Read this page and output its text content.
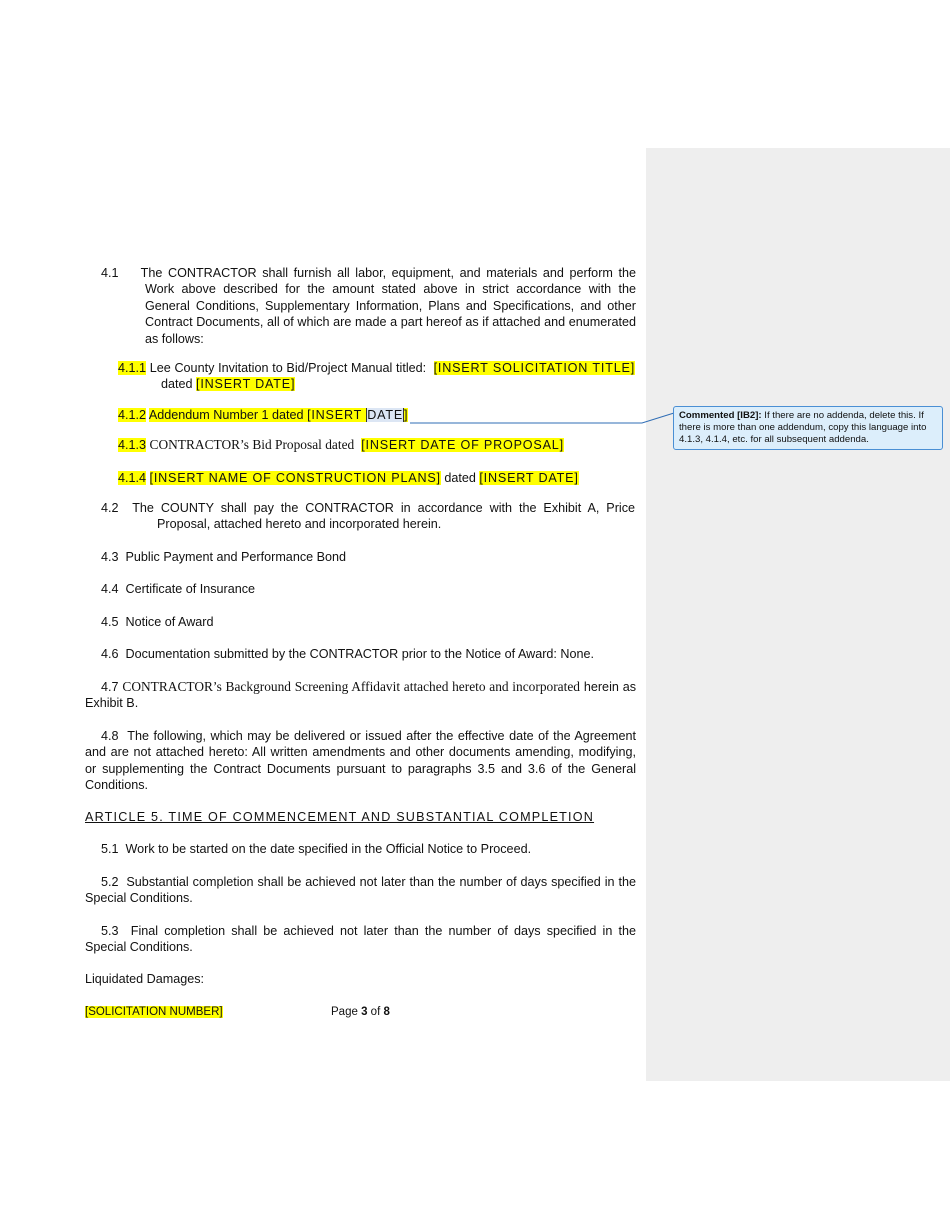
4.1 The CONTRACTOR shall furnish all labor, equipment, and materials and perform the Work above described for the amount stated above in strict accordance with the General Conditions, Supplementary Information, Plans and Specifications, and other Contract Documents, all of which are made a part hereof as if attached and enumerated as follows:
4.1.1 Lee County Invitation to Bid/Project Manual titled: [INSERT SOLICITATION TITLE] dated [INSERT DATE]
4.1.2 Addendum Number 1 dated [INSERT DATE]
4.1.3 CONTRACTOR’s Bid Proposal dated [INSERT DATE OF PROPOSAL]
4.1.4 [INSERT NAME OF CONSTRUCTION PLANS] dated [INSERT DATE]
4.2 The COUNTY shall pay the CONTRACTOR in accordance with the Exhibit A, Price Proposal, attached hereto and incorporated herein.
4.3 Public Payment and Performance Bond
4.4 Certificate of Insurance
4.5 Notice of Award
4.6 Documentation submitted by the CONTRACTOR prior to the Notice of Award: None.
4.7 CONTRACTOR’s Background Screening Affidavit attached hereto and incorporated herein as Exhibit B.
4.8 The following, which may be delivered or issued after the effective date of the Agreement and are not attached hereto: All written amendments and other documents amending, modifying, or supplementing the Contract Documents pursuant to paragraphs 3.5 and 3.6 of the General Conditions.
ARTICLE 5. TIME OF COMMENCEMENT AND SUBSTANTIAL COMPLETION
5.1 Work to be started on the date specified in the Official Notice to Proceed.
5.2 Substantial completion shall be achieved not later than the number of days specified in the Special Conditions.
5.3 Final completion shall be achieved not later than the number of days specified in the Special Conditions.
Liquidated Damages:
[SOLICITATION NUMBER]	Page 3 of 8
Commented [IB2]: If there are no addenda, delete this. If there is more than one addendum, copy this language into 4.1.3, 4.1.4, etc. for all subsequent addenda.
